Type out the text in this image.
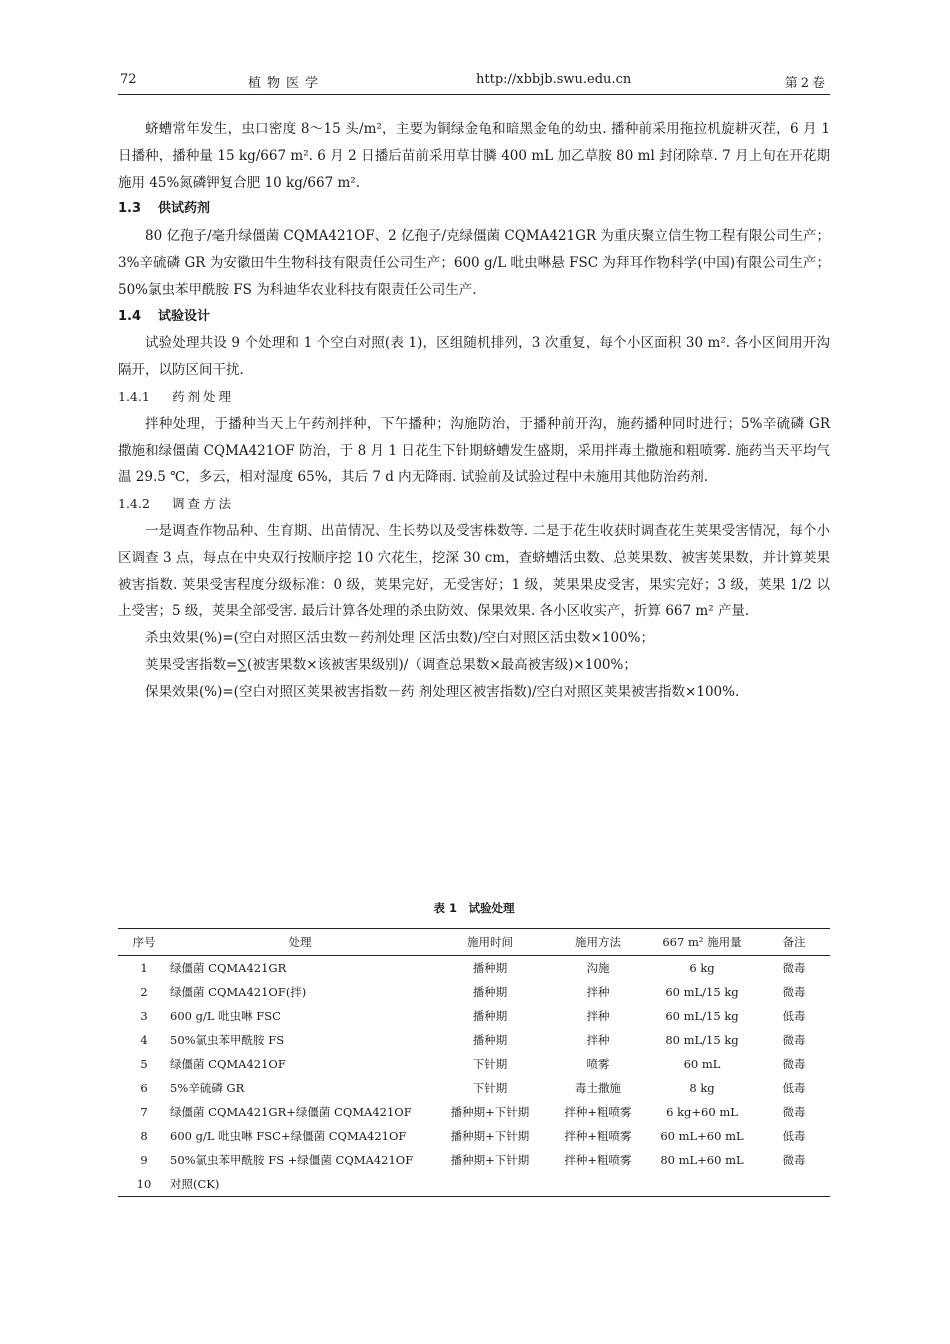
72	植物医学	http://xbbjb.swu.edu.cn	第2卷

蛴螬常年发生，虫口密度 8～15 头/m²，主要为铜绿金龟和暗黑金龟的幼虫. 播种前采用拖拉机旋耕灭茬，6 月 1 日播种，播种量 15 kg/667 m². 6 月 2 日播后苗前采用草甘膦 400 mL 加乙草胺 80 ml 封闭除草. 7 月上旬在开花期施用 45%氮磷钾复合肥 10 kg/667 m².

1.3 供试药剂

80 亿孢子/毫升绿僵菌 CQMA421OF、2 亿孢子/克绿僵菌 CQMA421GR 为重庆聚立信生物工程有限公司生产；3%辛硫磷 GR 为安徽田牛生物科技有限责任公司生产；600 g/L 吡虫啉悬 FSC 为拜耳作物科学(中国)有限公司生产；50%氯虫苯甲酰胺 FS 为科迪华农业科技有限责任公司生产.

1.4 试验设计

试验处理共设 9 个处理和 1 个空白对照(表 1)，区组随机排列，3 次重复，每个小区面积 30 m². 各小区间用开沟隔开，以防区间干扰.

1.4.1 药剂处理

拌种处理，于播种当天上午药剂拌种，下午播种；沟施防治，于播种前开沟，施药播种同时进行；5%辛硫磷 GR 撒施和绿僵菌 CQMA421OF 防治，于 8 月 1 日花生下针期蛴螬发生盛期，采用拌毒土撒施和粗喷雾. 施药当天平均气温 29.5 ℃，多云，相对湿度 65%，其后 7 d 内无降雨. 试验前及试验过程中未施用其他防治药剂.

1.4.2 调查方法

一是调查作物品种、生育期、出苗情况、生长势以及受害株数等. 二是于花生收获时调查花生荚果受害情况，每个小区调查 3 点，每点在中央双行按顺序挖 10 穴花生，挖深 30 cm，查蛴螬活虫数、总荚果数、被害荚果数，并计算荚果被害指数. 荚果受害程度分级标准：0 级，荚果完好，无受害好；1 级，荚果果皮受害，果实完好；3 级，荚果 1/2 以上受害；5 级，荚果全部受害. 最后计算各处理的杀虫防效、保果效果. 各小区收实产，折算 667 m² 产量.

杀虫效果(%)=(空白对照区活虫数－药剂处理 区活虫数)/空白对照区活虫数×100%；

荚果受害指数=∑(被害果数×该被害果级别)/（调查总果数×最高被害级)×100%；

保果效果(%)=(空白对照区荚果被害指数－药 剂处理区被害指数)/空白对照区荚果被害指数×100%.

表 1　试验处理
序号	处理	施用时间	施用方法	667 m² 施用量	备注
1	绿僵菌 CQMA421GR	播种期	沟施	6 kg	微毒
2	绿僵菌 CQMA421OF(拌)	播种期	拌种	60 mL/15 kg	微毒
3	600 g/L 吡虫啉 FSC	播种期	拌种	60 mL/15 kg	低毒
4	50%氯虫苯甲酰胺 FS	播种期	拌种	80 mL/15 kg	微毒
5	绿僵菌 CQMA421OF	下针期	喷雾	60 mL	微毒
6	5%辛硫磷 GR	下针期	毒土撒施	8 kg	低毒
7	绿僵菌 CQMA421GR+绿僵菌 CQMA421OF	播种期+下针期	拌种+粗喷雾	6 kg+60 mL	微毒
8	600 g/L 吡虫啉 FSC+绿僵菌 CQMA421OF	播种期+下针期	拌种+粗喷雾	60 mL+60 mL	低毒
9	50%氯虫苯甲酰胺 FS +绿僵菌 CQMA421OF	播种期+下针期	拌种+粗喷雾	80 mL+60 mL	微毒
10	对照(CK)				
